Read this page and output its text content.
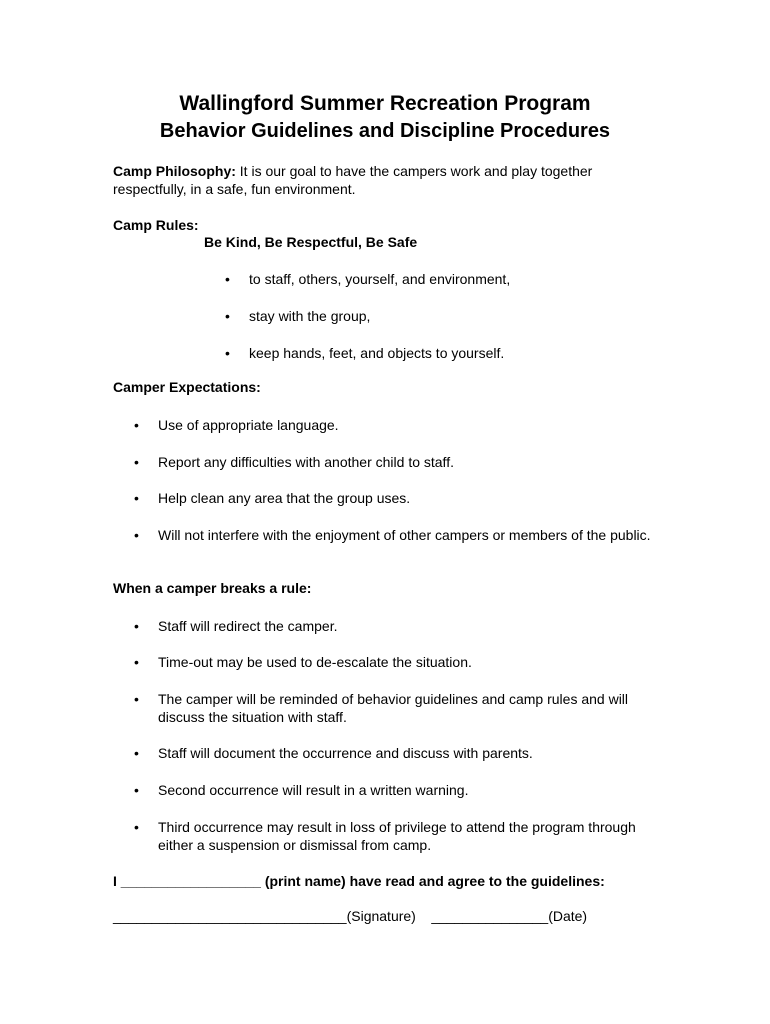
Wallingford Summer Recreation Program
Behavior Guidelines and Discipline Procedures

Camp Philosophy: It is our goal to have the campers work and play together respectfully, in a safe, fun environment.

Camp Rules:
Be Kind, Be Respectful, Be Safe
• to staff, others, yourself, and environment,
• stay with the group,
• keep hands, feet, and objects to yourself.
Camper Expectations:
• Use of appropriate language.
• Report any difficulties with another child to staff.
• Help clean any area that the group uses.
• Will not interfere with the enjoyment of other campers or members of the public.
When a camper breaks a rule:
• Staff will redirect the camper.
• Time-out may be used to de-escalate the situation.
• The camper will be reminded of behavior guidelines and camp rules and will discuss the situation with staff.
• Staff will document the occurrence and discuss with parents.
• Second occurrence will result in a written warning.
• Third occurrence may result in loss of privilege to attend the program through either a suspension or dismissal from camp.
I __________________ (print name) have read and agree to the guidelines:
______________________________(Signature)    _______________(Date)
